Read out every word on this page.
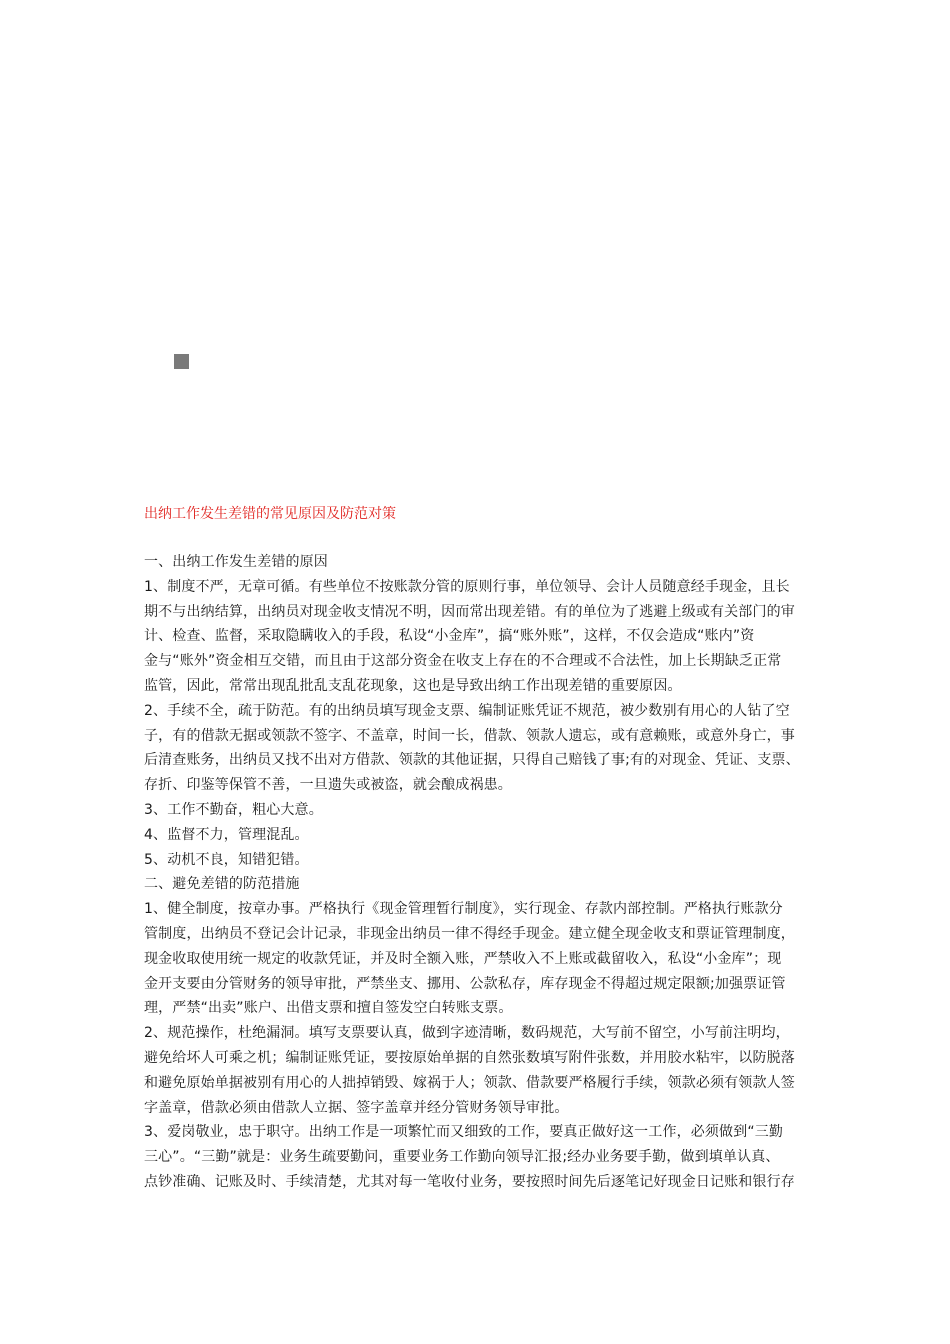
出纳工作发生差错的常见原因及防范对策
一、出纳工作发生差错的原因
1、制度不严，无章可循。有些单位不按账款分管的原则行事，单位领导、会计人员随意经手现金，且长
期不与出纳结算，出纳员对现金收支情况不明，因而常出现差错。有的单位为了逃避上级或有关部门的审
计、检查、监督，采取隐瞒收入的手段，私设“小金库”，搞“账外账”，这样，不仅会造成“账内”资
金与“账外”资金相互交错，而且由于这部分资金在收支上存在的不合理或不合法性，加上长期缺乏正常
监管，因此，常常出现乱批乱支乱花现象，这也是导致出纳工作出现差错的重要原因。
2、手续不全，疏于防范。有的出纳员填写现金支票、编制证账凭证不规范，被少数别有用心的人钻了空
子，有的借款无据或领款不签字、不盖章，时间一长，借款、领款人遗忘，或有意赖账，或意外身亡，事
后清查账务，出纳员又找不出对方借款、领款的其他证据，只得自己赔钱了事;有的对现金、凭证、支票、
存折、印鉴等保管不善，一旦遗失或被盗，就会酿成祸患。
3、工作不勤奋，粗心大意。
4、监督不力，管理混乱。
5、动机不良，知错犯错。
二、避免差错的防范措施
1、健全制度，按章办事。严格执行《现金管理暂行制度》，实行现金、存款内部控制。严格执行账款分
管制度，出纳员不登记会计记录，非现金出纳员一律不得经手现金。建立健全现金收支和票证管理制度，
现金收取使用统一规定的收款凭证，并及时全额入账，严禁收入不上账或截留收入，私设“小金库”；现
金开支要由分管财务的领导审批，严禁坐支、挪用、公款私存，库存现金不得超过规定限额;加强票证管
理，严禁“出卖”账户、出借支票和擅自签发空白转账支票。
2、规范操作，杜绝漏洞。填写支票要认真，做到字迹清晰，数码规范，大写前不留空，小写前注明均，
避免给坏人可乘之机；编制证账凭证，要按原始单据的自然张数填写附件张数，并用胶水粘牢，以防脱落
和避免原始单据被别有用心的人拙掉销毁、嫁祸于人；领款、借款要严格履行手续，领款必须有领款人签
字盖章，借款必须由借款人立据、签字盖章并经分管财务领导审批。
3、爱岗敬业，忠于职守。出纳工作是一项繁忙而又细致的工作，要真正做好这一工作，必须做到“三勤
三心”。“三勤”就是：业务生疏要勤问，重要业务工作勤向领导汇报;经办业务要手勤，做到填单认真、
点钞准确、记账及时、手续清楚，尤其对每一笔收付业务，要按照时间先后逐笔记好现金日记账和银行存
